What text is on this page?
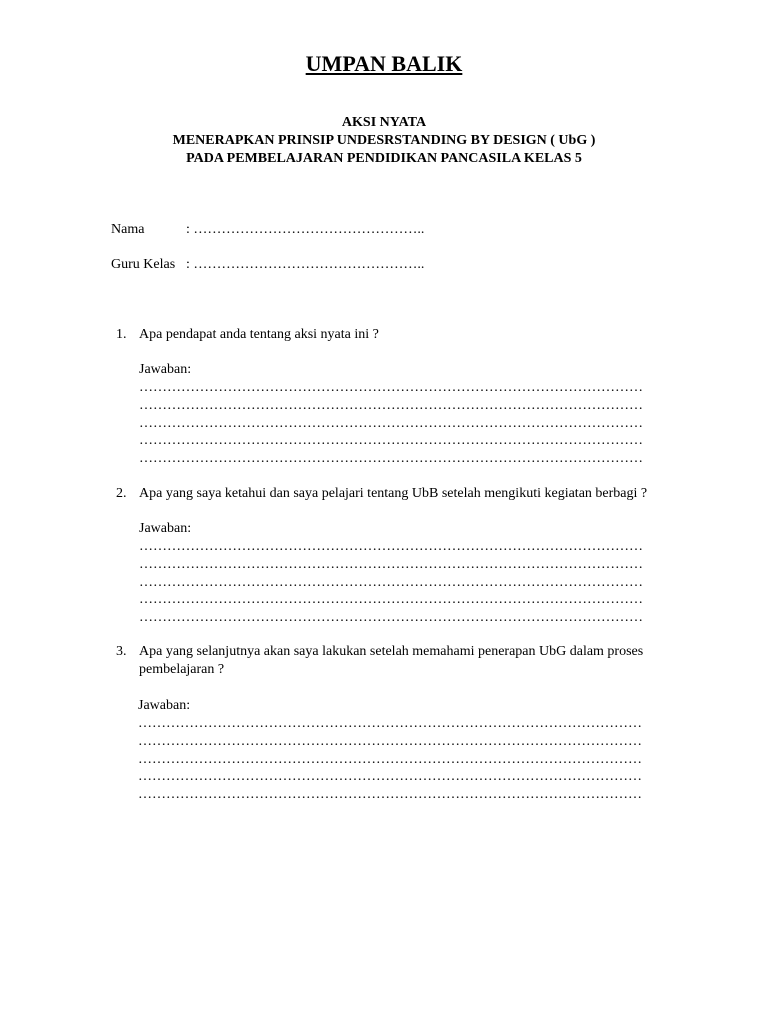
UMPAN BALIK
AKSI NYATA
MENERAPKAN PRINSIP UNDESRSTANDING BY DESIGN ( UbG )
PADA PEMBELAJARAN PENDIDIKAN PANCASILA KELAS 5
Nama	: …………………………………………..
Guru Kelas : …………………………………………..
1. Apa pendapat anda tentang aksi nyata ini ?
Jawaban:
………………………………………………………………………………………………
………………………………………………………………………………………………
………………………………………………………………………………………………
………………………………………………………………………………………………
………………………………………………………………………………………………
2. Apa yang saya ketahui dan saya pelajari tentang UbB setelah mengikuti kegiatan berbagi ?
Jawaban:
………………………………………………………………………………………………
………………………………………………………………………………………………
………………………………………………………………………………………………
………………………………………………………………………………………………
………………………………………………………………………………………………
3. Apa yang selanjutnya akan saya lakukan setelah memahami penerapan UbG dalam proses pembelajaran ?
Jawaban:
………………………………………………………………………………………………
………………………………………………………………………………………………
………………………………………………………………………………………………
………………………………………………………………………………………………
………………………………………………………………………………………………
